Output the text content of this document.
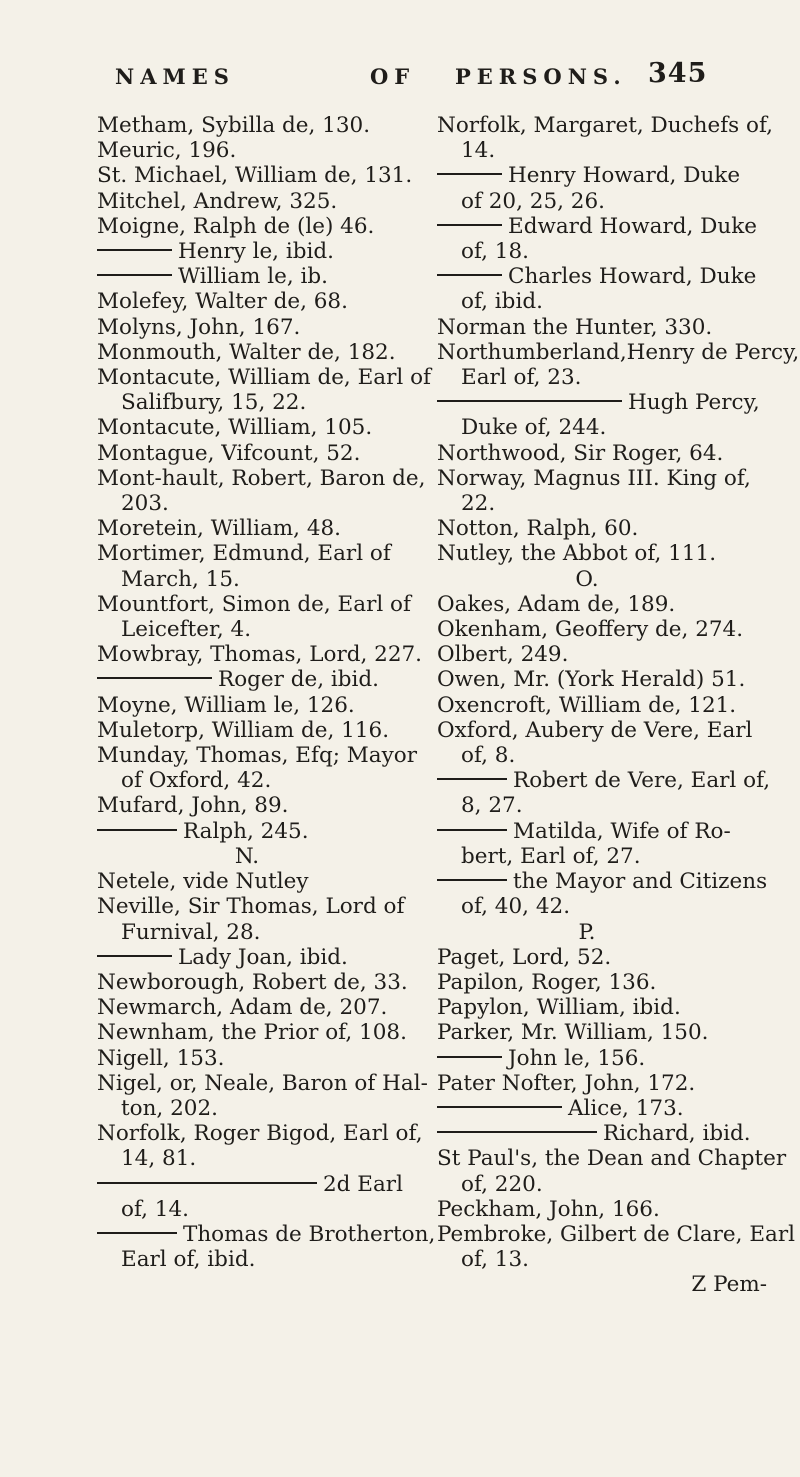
NAMES	OF PERSONS. 345
Metham, Sybilla de, 130.
Meuric, 196.
St. Michael, William de, 131.
Mitchel, Andrew, 325.
Moigne, Ralph de (le) 46.
Henry le, ibid.
William le, ib.
Molefey, Walter de, 68.
Molyns, John, 167.
Monmouth, Walter de, 182.
Montacute, William de, Earl of
Salifbury, 15, 22.
Montacute, William, 105.
Montague, Vifcount, 52.
Mont-hault, Robert, Baron de,
203.
Moretein, William, 48.
Mortimer, Edmund, Earl of
March, 15.
Mountfort, Simon de, Earl of
Leicefter, 4.
Mowbray, Thomas, Lord, 227.
Roger de, ibid.
Moyne, William le, 126.
Muletorp, William de, 116.
Munday, Thomas, Efq; Mayor
of Oxford, 42.
Mufard, John, 89.
Ralph, 245.
N.
Netele, vide Nutley
Neville, Sir Thomas, Lord of
Furnival, 28.
Lady Joan, ibid.
Newborough, Robert de, 33.
Newmarch, Adam de, 207.
Newnham, the Prior of, 108.
Nigell, 153.
Nigel, or, Neale, Baron of Hal-
ton, 202.
Norfolk, Roger Bigod, Earl of,
14, 81.
2d Earl
of, 14.
Thomas de Brotherton,
Earl of, ibid.
Norfolk, Margaret, Duchefs of,
14.
Henry Howard, Duke
of 20, 25, 26.
Edward Howard, Duke
of, 18.
Charles Howard, Duke
of, ibid.
Norman the Hunter, 330.
Northumberland,Henry de Percy,
Earl of, 23.
Hugh Percy,
Duke of, 244.
Northwood, Sir Roger, 64.
Norway, Magnus III. King of,
22.
Notton, Ralph, 60.
Nutley, the Abbot of, 111.
O.
Oakes, Adam de, 189.
Okenham, Geoffery de, 274.
Olbert, 249.
Owen, Mr. (York Herald) 51.
Oxencroft, William de, 121.
Oxford, Aubery de Vere, Earl
of, 8.
Robert de Vere, Earl of,
8, 27.
Matilda, Wife of Ro-
bert, Earl of, 27.
the Mayor and Citizens
of, 40, 42.
P.
Paget, Lord, 52.
Papilon, Roger, 136.
Papylon, William, ibid.
Parker, Mr. William, 150.
John le, 156.
Pater Nofter, John, 172.
Alice, 173.
Richard, ibid.
St Paul's, the Dean and Chapter
of, 220.
Peckham, John, 166.
Pembroke, Gilbert de Clare, Earl
of, 13.
Z Pem-
